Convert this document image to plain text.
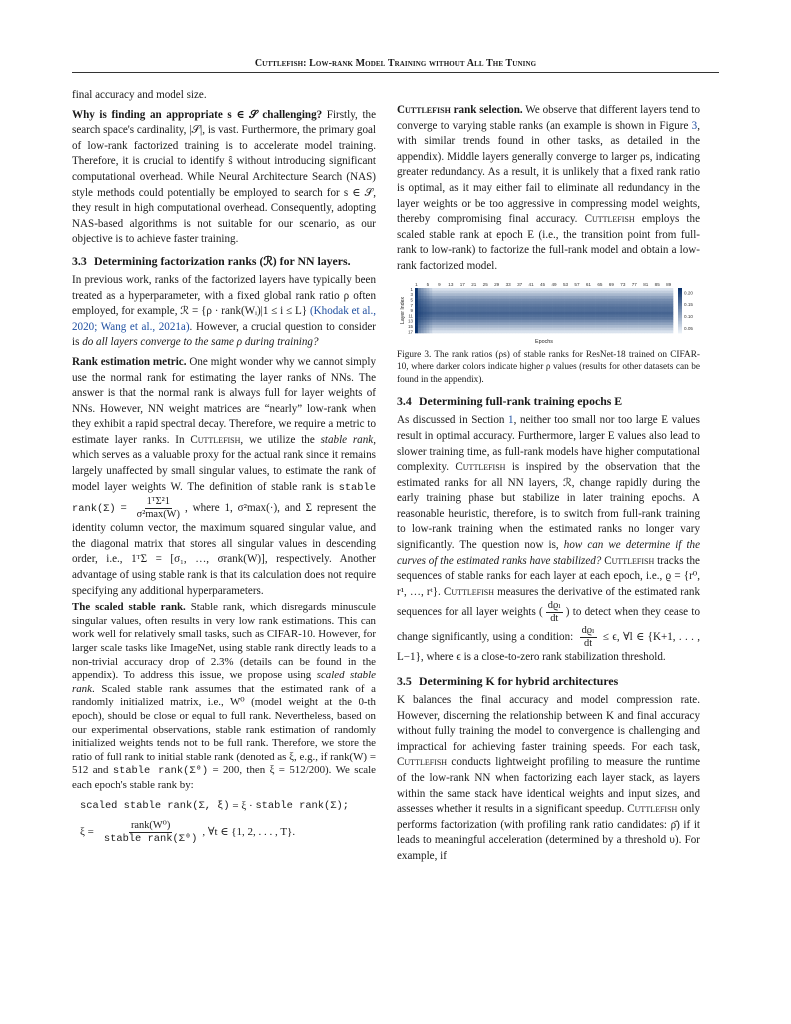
Cuttlefish: Low-rank Model Training without All The Tuning

final accuracy and model size.

Why is finding an appropriate s ∈ 𝒮 challenging? Firstly, the search space's cardinality, |𝒮|, is vast. Furthermore, the primary goal of low-rank factorized training is to accelerate model training. Therefore, it is crucial to identify ŝ without introducing significant computational overhead. While Neural Architecture Search (NAS) style methods could potentially be employed to search for s ∈ 𝒮, they result in high computational overhead. Consequently, adopting NAS-based algorithms is not suitable for our scenario, as our objective is to achieve faster training.

3.3 Determining factorization ranks (ℛ) for NN layers.

In previous work, ranks of the factorized layers have typically been treated as a hyperparameter, with a fixed global rank ratio ρ often employed, for example, ℛ = {ρ · rank(Wᵢ)|1 ≤ i ≤ L} (Khodak et al., 2020; Wang et al., 2021a). However, a crucial question to consider is do all layers converge to the same ρ during training?

Rank estimation metric. One might wonder why we cannot simply use the normal rank for estimating the layer ranks of NNs. The answer is that the normal rank is always full for layer weights of NNs. However, NN weight matrices are “nearly” low-rank when they exhibit a rapid spectral decay. Therefore, we require a metric to estimate layer ranks. In Cuttlefish, we utilize the stable rank, which serves as a valuable proxy for the actual rank since it remains largely unaffected by small singular values, to estimate the rank of model layer weights W. The definition of stable rank is stable rank(Σ) = $\frac{\text{1ᵀΣ²1}}{\text{σ²max(W)}}$ , where 1, σ²max(·), and Σ represent the identity column vector, the maximum squared singular value, and the diagonal matrix that stores all singular values in descending order, i.e., 1ᵀΣ = [σ₁, …, σrank(W)], respectively. Another advantage of using stable rank is that its calculation does not require specifying any additional hyperparameters.

The scaled stable rank. Stable rank, which disregards minuscule singular values, often results in very low rank estimations. This can work well for relatively small tasks, such as CIFAR-10. However, for larger scale tasks like ImageNet, using stable rank directly leads to a non-trivial accuracy drop of 2.3% (details can be found in the appendix). To address this issue, we propose using scaled stable rank. Scaled stable rank assumes that the estimated rank of a randomly initialized matrix, i.e., W⁰ (model weight at the 0-th epoch), should be close or equal to full rank. Nevertheless, based on our experimental observations, stable rank estimation of randomly initialized weights tends not to be full rank. Therefore, we store the ratio of full rank to initial stable rank (denoted as ξ, e.g., if rank(W) = 512 and stable rank(Σ⁰) = 200, then ξ = 512/200). We scale each epoch's stable rank by:

scaled stable rank(Σ, ξ) = ξ · stable rank(Σ);
$\xi = \frac{\text{rank(W⁰)}}{\text{stable rank(Σ⁰)}}$ , ∀t ∈ {1, 2, . . . , T}.

Cuttlefish rank selection. We observe that different layers tend to converge to varying stable ranks (an example is shown in Figure 3, with similar trends found in other tasks, as detailed in the appendix). Middle layers generally converge to larger ρs, indicating greater redundancy. As a result, it is unlikely that a fixed rank ratio is optimal, as it may either fail to eliminate all redundancy in the layer weights or be too aggressive in compressing model weights, thereby compromising final accuracy. Cuttlefish employs the scaled stable rank at epoch E (i.e., the transition point from full-rank to low-rank) to factorize the full-rank model and obtain a low-rank factorized model.

1 5 9 13 17 21 25 29 33 37 41 45 49 53 57 61 65 69 73 77 81 85 89
1
3
5
7
9
11
13
15
17
Epochs
Layer Index
0.20
0.15
0.10
0.05
Figure 3. The rank ratios (ρs) of stable ranks for ResNet-18 trained on CIFAR-10, where darker colors indicate higher ρ values (results for other datasets can be found in the appendix).
3.4 Determining full-rank training epochs E

As discussed in Section 1, neither too small nor too large E values result in optimal accuracy. Furthermore, larger E values also lead to slower training time, as full-rank models have higher computational complexity. Cuttlefish is inspired by the observation that the estimated ranks for all NN layers, ℛ, change rapidly during the early training phase but stabilize in later training epochs. A reasonable heuristic, therefore, is to switch from full-rank training to low-rank training when the estimated ranks no longer vary significantly. The question now is, how can we determine if the curves of the estimated ranks have stabilized? Cuttlefish tracks the sequences of stable ranks for each layer at each epoch, i.e., ϱ = {r⁰, r¹, …, rᵗ}. Cuttlefish measures the derivative of the estimated rank sequences for all layer weights ( $\frac{\text{dϱₗ}}{dt}$ ) to detect when they cease to change significantly, using a condition: $\frac{\text{dϱₗ}}{dt} \le \epsilon$, ∀l ∈ {K+1, . . . , L−1}, where ϵ is a close-to-zero rank stabilization threshold.

3.5 Determining K for hybrid architectures

K balances the final accuracy and model compression rate. However, discerning the relationship between K and final accuracy without fully training the model to convergence is challenging and impractical for achieving faster training speeds. For each task, Cuttlefish conducts lightweight profiling to measure the runtime of the low-rank NN when factorizing each layer stack, as layers within the same stack have identical weights and input sizes, and assesses whether it results in a significant speedup. Cuttlefish only performs factorization (with profiling rank ratio candidates: ρ̄) if it leads to meaningful acceleration (determined by a threshold υ). For example, if
